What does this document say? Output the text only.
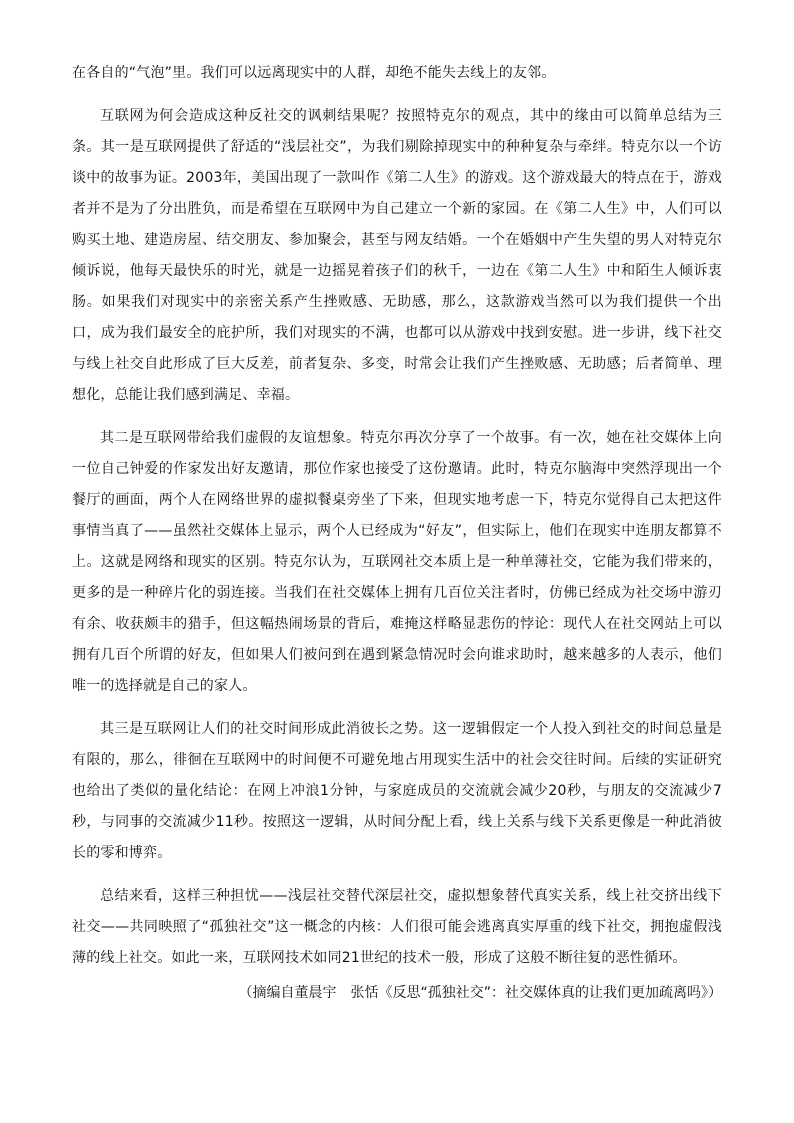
在各自的“气泡”里。我们可以远离现实中的人群，却绝不能失去线上的友邻。

互联网为何会造成这种反社交的讽刺结果呢？按照特克尔的观点，其中的缘由可以简单总结为三条。其一是互联网提供了舒适的“浅层社交”，为我们剔除掉现实中的种种复杂与牵绊。特克尔以一个访谈中的故事为证。2003年，美国出现了一款叫作《第二人生》的游戏。这个游戏最大的特点在于，游戏者并不是为了分出胜负，而是希望在互联网中为自己建立一个新的家园。在《第二人生》中，人们可以购买土地、建造房屋、结交朋友、参加聚会，甚至与网友结婚。一个在婚姻中产生失望的男人对特克尔倾诉说，他每天最快乐的时光，就是一边摇晃着孩子们的秋千，一边在《第二人生》中和陌生人倾诉衷肠。如果我们对现实中的亲密关系产生挫败感、无助感，那么，这款游戏当然可以为我们提供一个出口，成为我们最安全的庇护所，我们对现实的不满，也都可以从游戏中找到安慰。进一步讲，线下社交与线上社交自此形成了巨大反差，前者复杂、多变，时常会让我们产生挫败感、无助感；后者简单、理想化，总能让我们感到满足、幸福。

其二是互联网带给我们虚假的友谊想象。特克尔再次分享了一个故事。有一次，她在社交媒体上向一位自己钟爱的作家发出好友邀请，那位作家也接受了这份邀请。此时，特克尔脑海中突然浮现出一个餐厅的画面，两个人在网络世界的虚拟餐桌旁坐了下来，但现实地考虑一下，特克尔觉得自己太把这件事情当真了——虽然社交媒体上显示，两个人已经成为“好友”，但实际上，他们在现实中连朋友都算不上。这就是网络和现实的区别。特克尔认为，互联网社交本质上是一种单薄社交，它能为我们带来的，更多的是一种碎片化的弱连接。当我们在社交媒体上拥有几百位关注者时，仿佛已经成为社交场中游刃有余、收获颇丰的猎手，但这幅热闹场景的背后，难掩这样略显悲伤的悖论：现代人在社交网站上可以拥有几百个所谓的好友，但如果人们被问到在遇到紧急情况时会向谁求助时，越来越多的人表示，他们唯一的选择就是自己的家人。

其三是互联网让人们的社交时间形成此消彼长之势。这一逻辑假定一个人投入到社交的时间总量是有限的，那么，徘徊在互联网中的时间便不可避免地占用现实生活中的社会交往时间。后续的实证研究也给出了类似的量化结论：在网上冲浪1分钟，与家庭成员的交流就会减少20秒，与朋友的交流减少7秒，与同事的交流减少11秒。按照这一逻辑，从时间分配上看，线上关系与线下关系更像是一种此消彼长的零和博弈。

总结来看，这样三种担忧——浅层社交替代深层社交，虚拟想象替代真实关系，线上社交挤出线下社交——共同映照了“孤独社交”这一概念的内核：人们很可能会逃离真实厚重的线下社交，拥抱虚假浅薄的线上社交。如此一来，互联网技术如同21世纪的技术一般，形成了这般不断往复的恶性循环。

（摘编自董晨宇　张恬《反思“孤独社交”：社交媒体真的让我们更加疏离吗》）
